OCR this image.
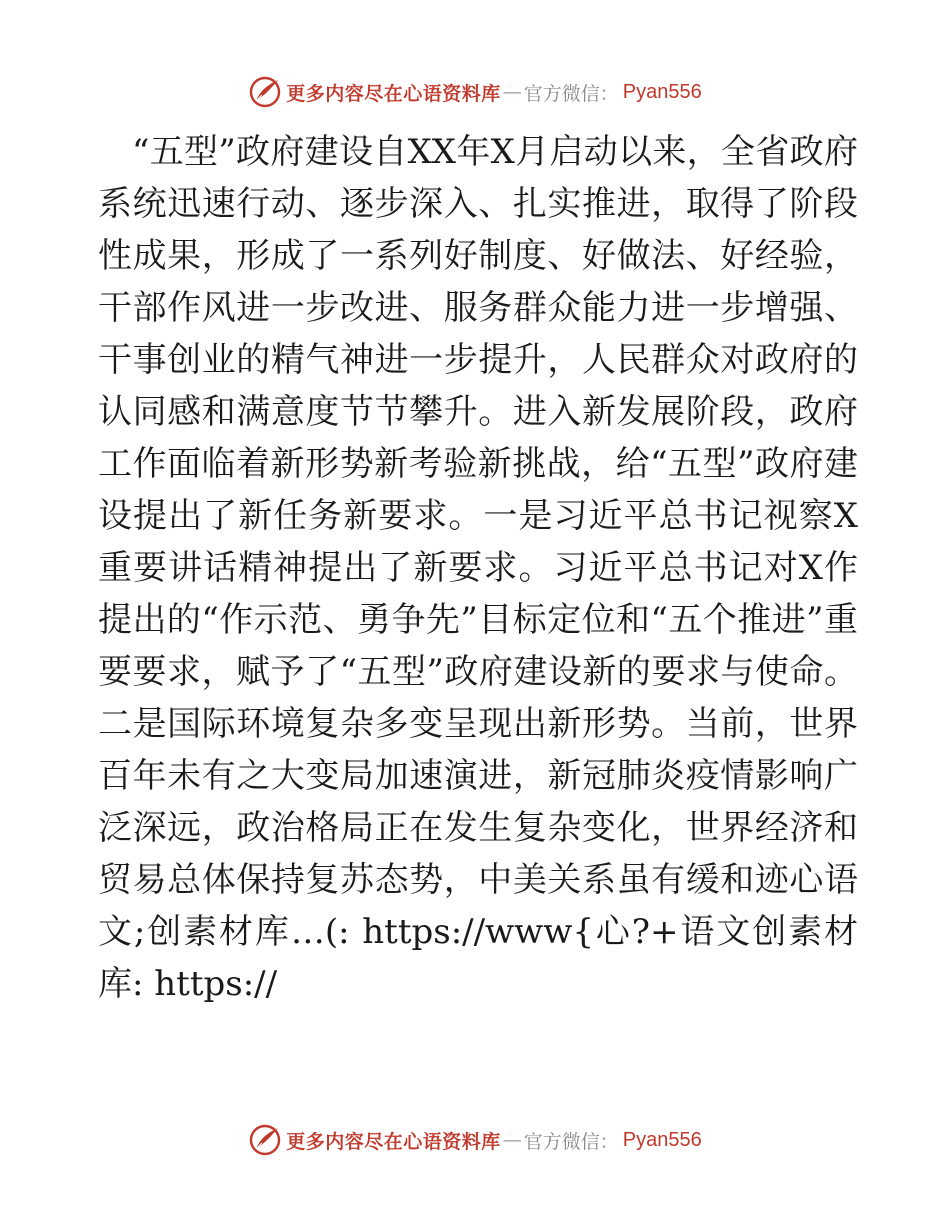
更多内容尽在心语资料库 — 官方微信： Pyan556

“五型”政府建设自XX年X月启动以来，全省政府系统迅速行动、逐步深入、扎实推进，取得了阶段性成果，形成了一系列好制度、好做法、好经验，干部作风进一步改进、服务群众能力进一步增强、干事创业的精气神进一步提升，人民群众对政府的认同感和满意度节节攀升。进入新发展阶段，政府工作面临着新形势新考验新挑战，给“五型”政府建设提出了新任务新要求。一是习近平总书记视察X重要讲话精神提出了新要求。习近平总书记对X作提出的“作示范、勇争先”目标定位和“五个推进”重要要求，赋予了“五型”政府建设新的要求与使命。二是国际环境复杂多变呈现出新形势。当前，世界百年未有之大变局加速演进，新冠肺炎疫情影响广泛深远，政治格局正在发生复杂变化，世界经济和贸易总体保持复苏态势，中美关系虽有缓和迹心语文;创素材库…(: https://www{心?+语文创素材库: https://

更多内容尽在心语资料库 — 官方微信： Pyan556
